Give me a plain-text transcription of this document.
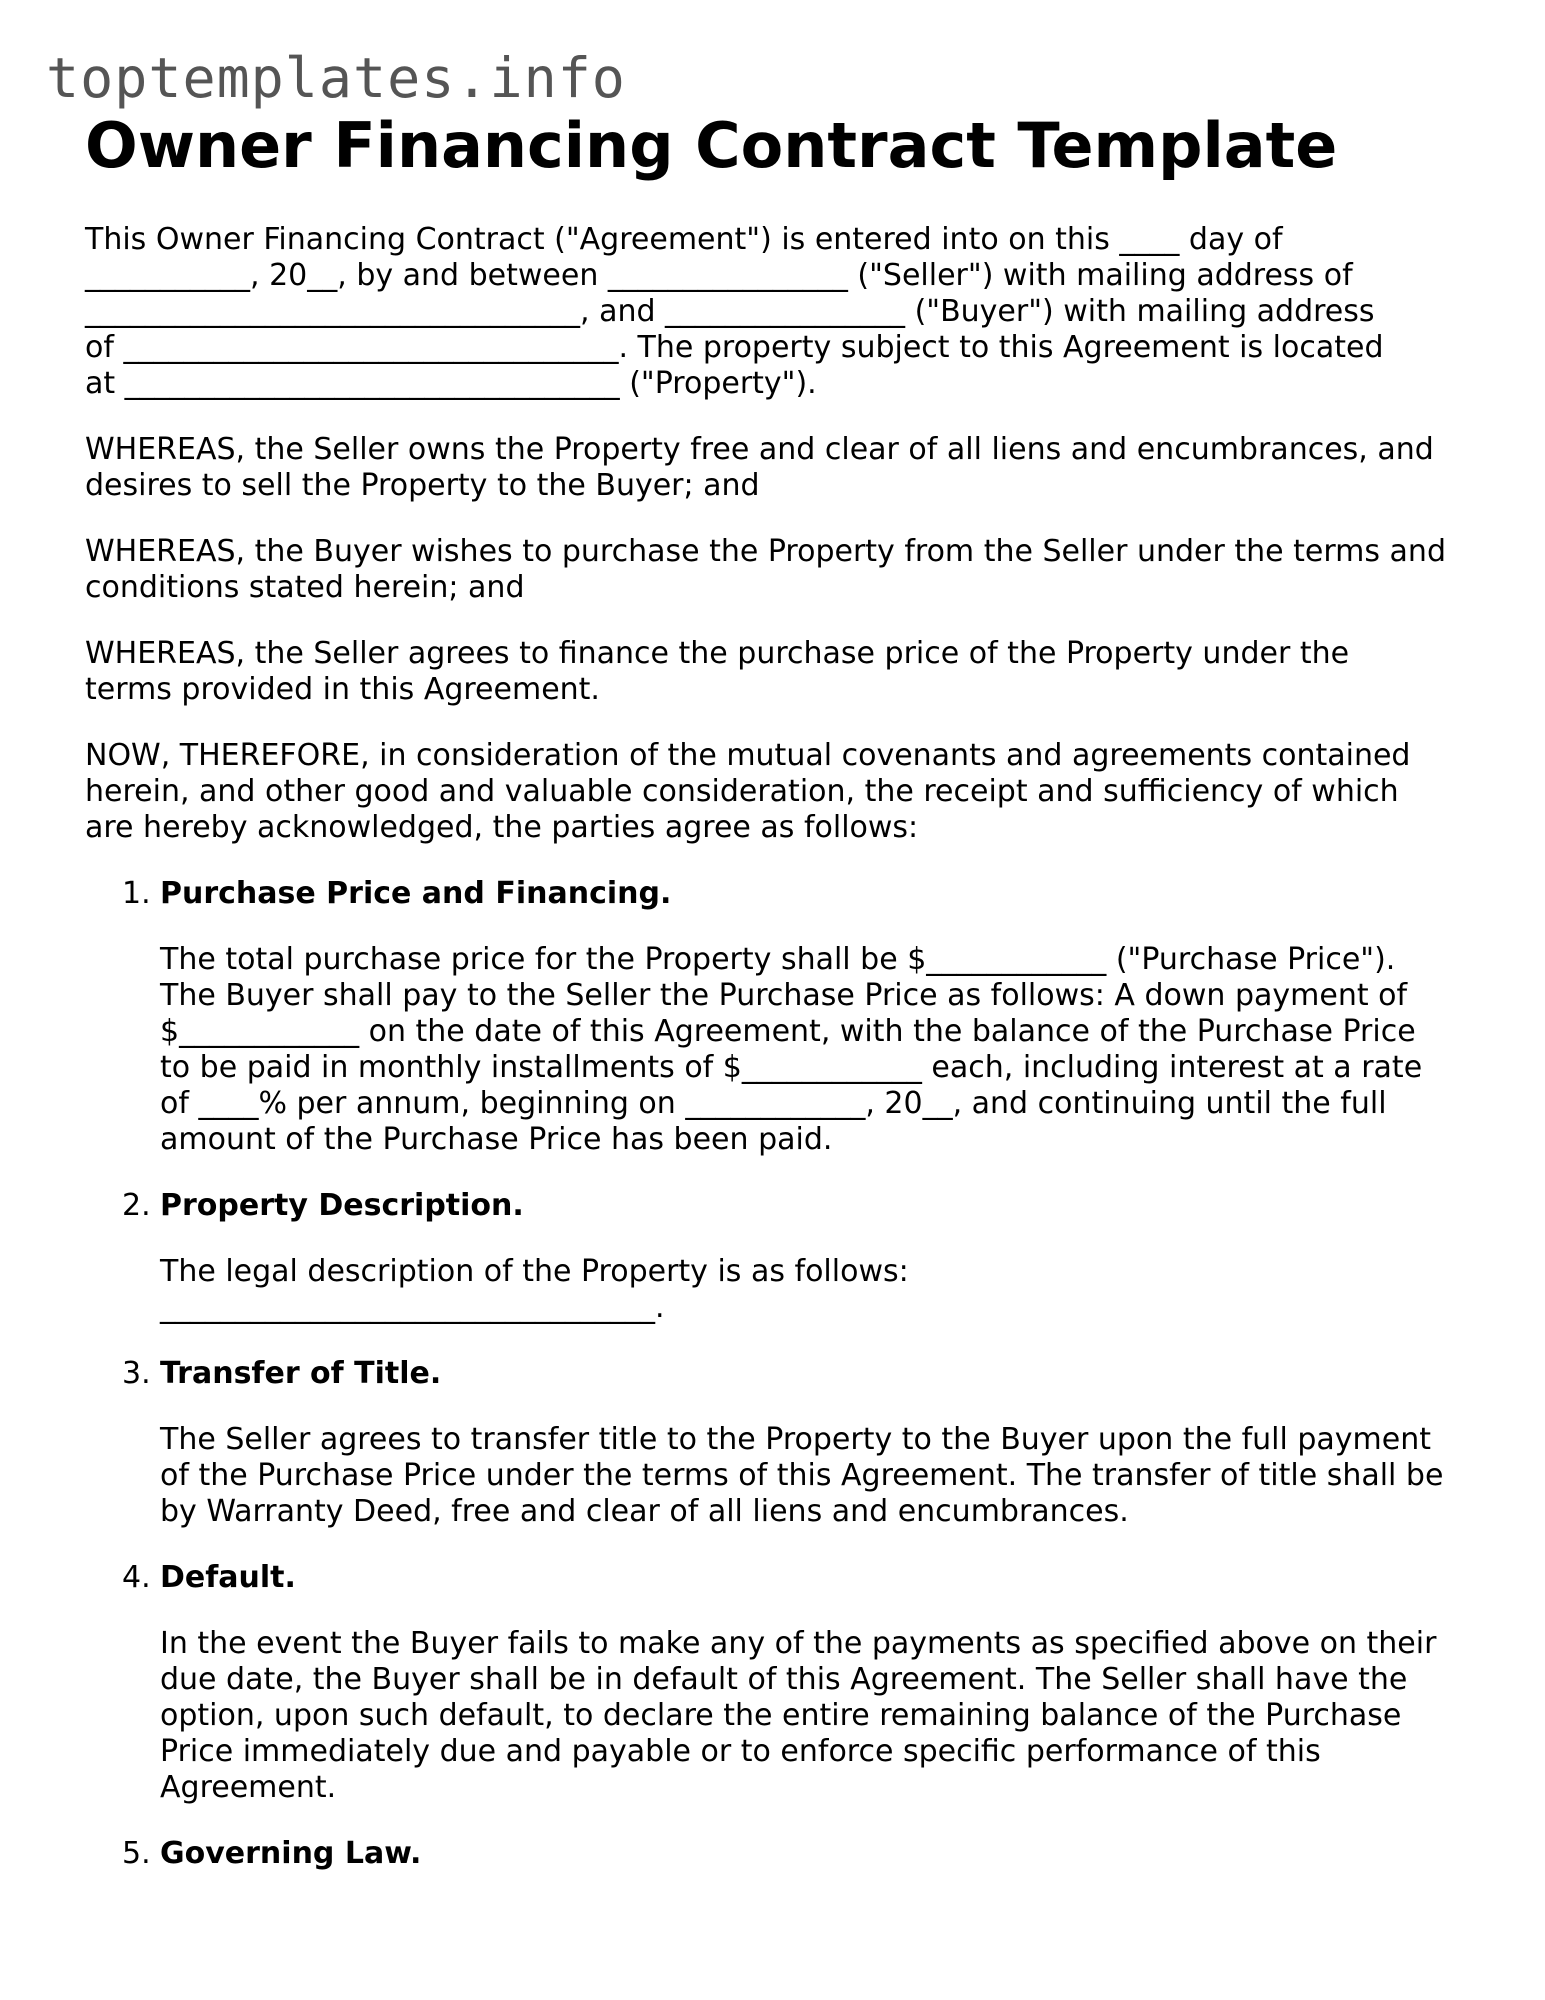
toptemplates.info
Owner Financing Contract Template
This Owner Financing Contract ("Agreement") is entered into on this ____ day of
___________, 20__, by and between ________________ ("Seller") with mailing address of
_________________________________, and ________________ ("Buyer") with mailing address
of _________________________________. The property subject to this Agreement is located
at _________________________________ ("Property").
WHEREAS, the Seller owns the Property free and clear of all liens and encumbrances, and
desires to sell the Property to the Buyer; and
WHEREAS, the Buyer wishes to purchase the Property from the Seller under the terms and
conditions stated herein; and
WHEREAS, the Seller agrees to finance the purchase price of the Property under the
terms provided in this Agreement.
NOW, THEREFORE, in consideration of the mutual covenants and agreements contained
herein, and other good and valuable consideration, the receipt and sufficiency of which
are hereby acknowledged, the parties agree as follows:
1. Purchase Price and Financing.
The total purchase price for the Property shall be $____________ ("Purchase Price").
The Buyer shall pay to the Seller the Purchase Price as follows: A down payment of
$____________ on the date of this Agreement, with the balance of the Purchase Price
to be paid in monthly installments of $____________ each, including interest at a rate
of ____% per annum, beginning on ____________, 20__, and continuing until the full
amount of the Purchase Price has been paid.
2. Property Description.
The legal description of the Property is as follows:
_________________________________.
3. Transfer of Title.
The Seller agrees to transfer title to the Property to the Buyer upon the full payment
of the Purchase Price under the terms of this Agreement. The transfer of title shall be
by Warranty Deed, free and clear of all liens and encumbrances.
4. Default.
In the event the Buyer fails to make any of the payments as specified above on their
due date, the Buyer shall be in default of this Agreement. The Seller shall have the
option, upon such default, to declare the entire remaining balance of the Purchase
Price immediately due and payable or to enforce specific performance of this
Agreement.
5. Governing Law.
